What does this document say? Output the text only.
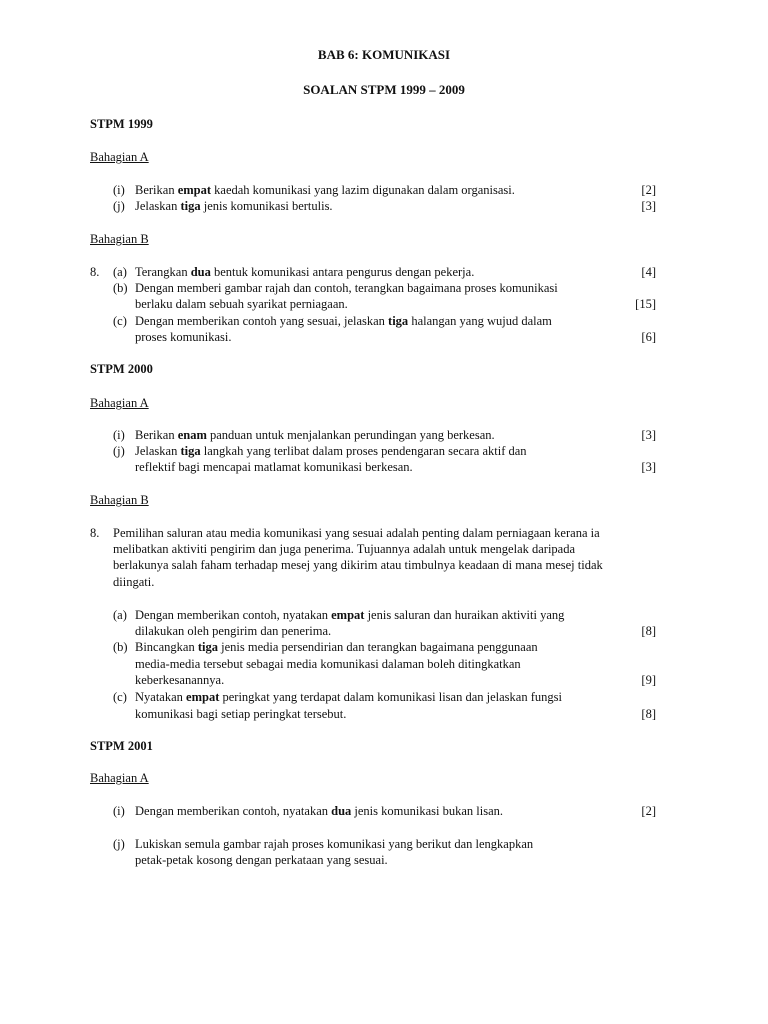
BAB 6: KOMUNIKASI
SOALAN STPM 1999 – 2009
STPM 1999
Bahagian A
(i) Berikan empat kaedah komunikasi yang lazim digunakan dalam organisasi.	[2]
(j) Jelaskan tiga jenis komunikasi bertulis.	[3]
Bahagian B
8. (a) Terangkan dua bentuk komunikasi antara pengurus dengan pekerja.	[4]
(b) Dengan memberi gambar rajah dan contoh, terangkan bagaimana proses komunikasi
berlaku dalam sebuah syarikat perniagaan.	[15]
(c) Dengan memberikan contoh yang sesuai, jelaskan tiga halangan yang wujud dalam
proses komunikasi.	[6]
STPM 2000
Bahagian A
(i) Berikan enam panduan untuk menjalankan perundingan yang berkesan.	[3]
(j) Jelaskan tiga langkah yang terlibat dalam proses pendengaran secara aktif dan
reflektif bagi mencapai matlamat komunikasi berkesan.	[3]
Bahagian B
8. Pemilihan saluran atau media komunikasi yang sesuai adalah penting dalam perniagaan kerana ia
melibatkan aktiviti pengirim dan juga penerima. Tujuannya adalah untuk mengelak daripada
berlakunya salah faham terhadap mesej yang dikirim atau timbulnya keadaan di mana mesej tidak
diingati.
(a) Dengan memberikan contoh, nyatakan empat jenis saluran dan huraikan aktiviti yang
dilakukan oleh pengirim dan penerima.	[8]
(b) Bincangkan tiga jenis media persendirian dan terangkan bagaimana penggunaan
media-media tersebut sebagai media komunikasi dalaman boleh ditingkatkan
keberkesanannya.	[9]
(c) Nyatakan empat peringkat yang terdapat dalam komunikasi lisan dan jelaskan fungsi
komunikasi bagi setiap peringkat tersebut.	[8]
STPM 2001
Bahagian A
(i) Dengan memberikan contoh, nyatakan dua jenis komunikasi bukan lisan.	[2]
(j) Lukiskan semula gambar rajah proses komunikasi yang berikut dan lengkapkan
petak-petak kosong dengan perkataan yang sesuai.
